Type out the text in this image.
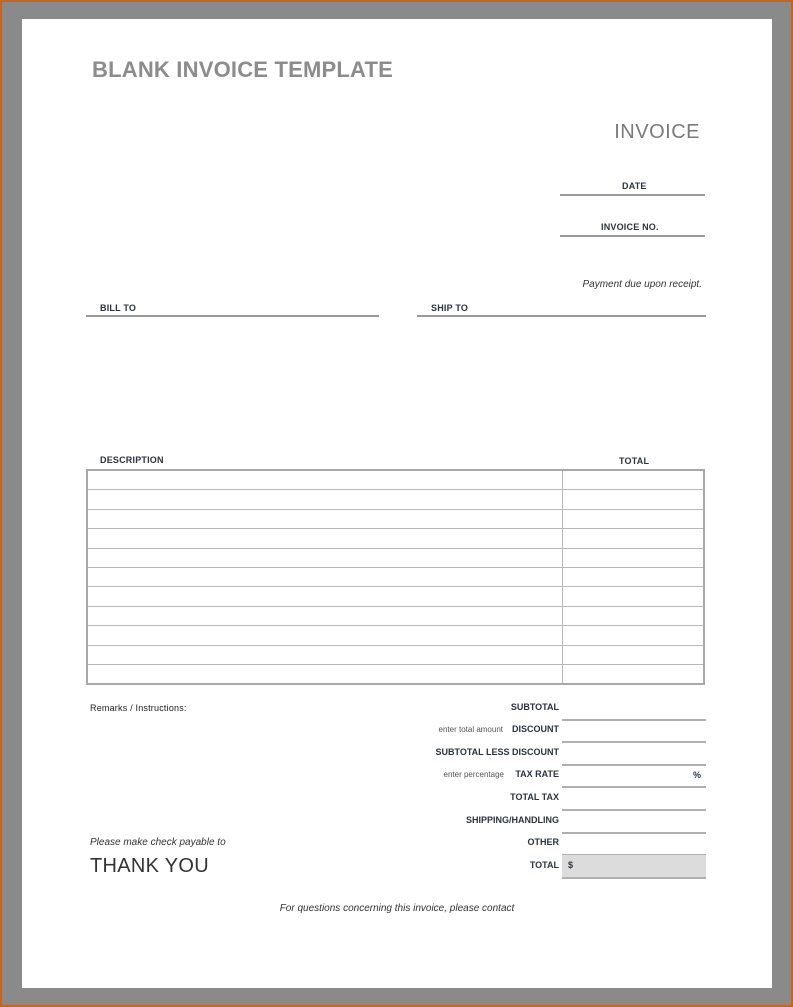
BLANK INVOICE TEMPLATE
INVOICE
DATE
INVOICE NO.
Payment due upon receipt.
BILL TO	SHIP TO
DESCRIPTION	TOTAL

Remarks / Instructions:	SUBTOTAL
enter total amount DISCOUNT
SUBTOTAL LESS DISCOUNT
enter percentage TAX RATE	%
TOTAL TAX
SHIPPING/HANDLING
OTHER
TOTAL $
Please make check payable to
THANK YOU
For questions concerning this invoice, please contact
